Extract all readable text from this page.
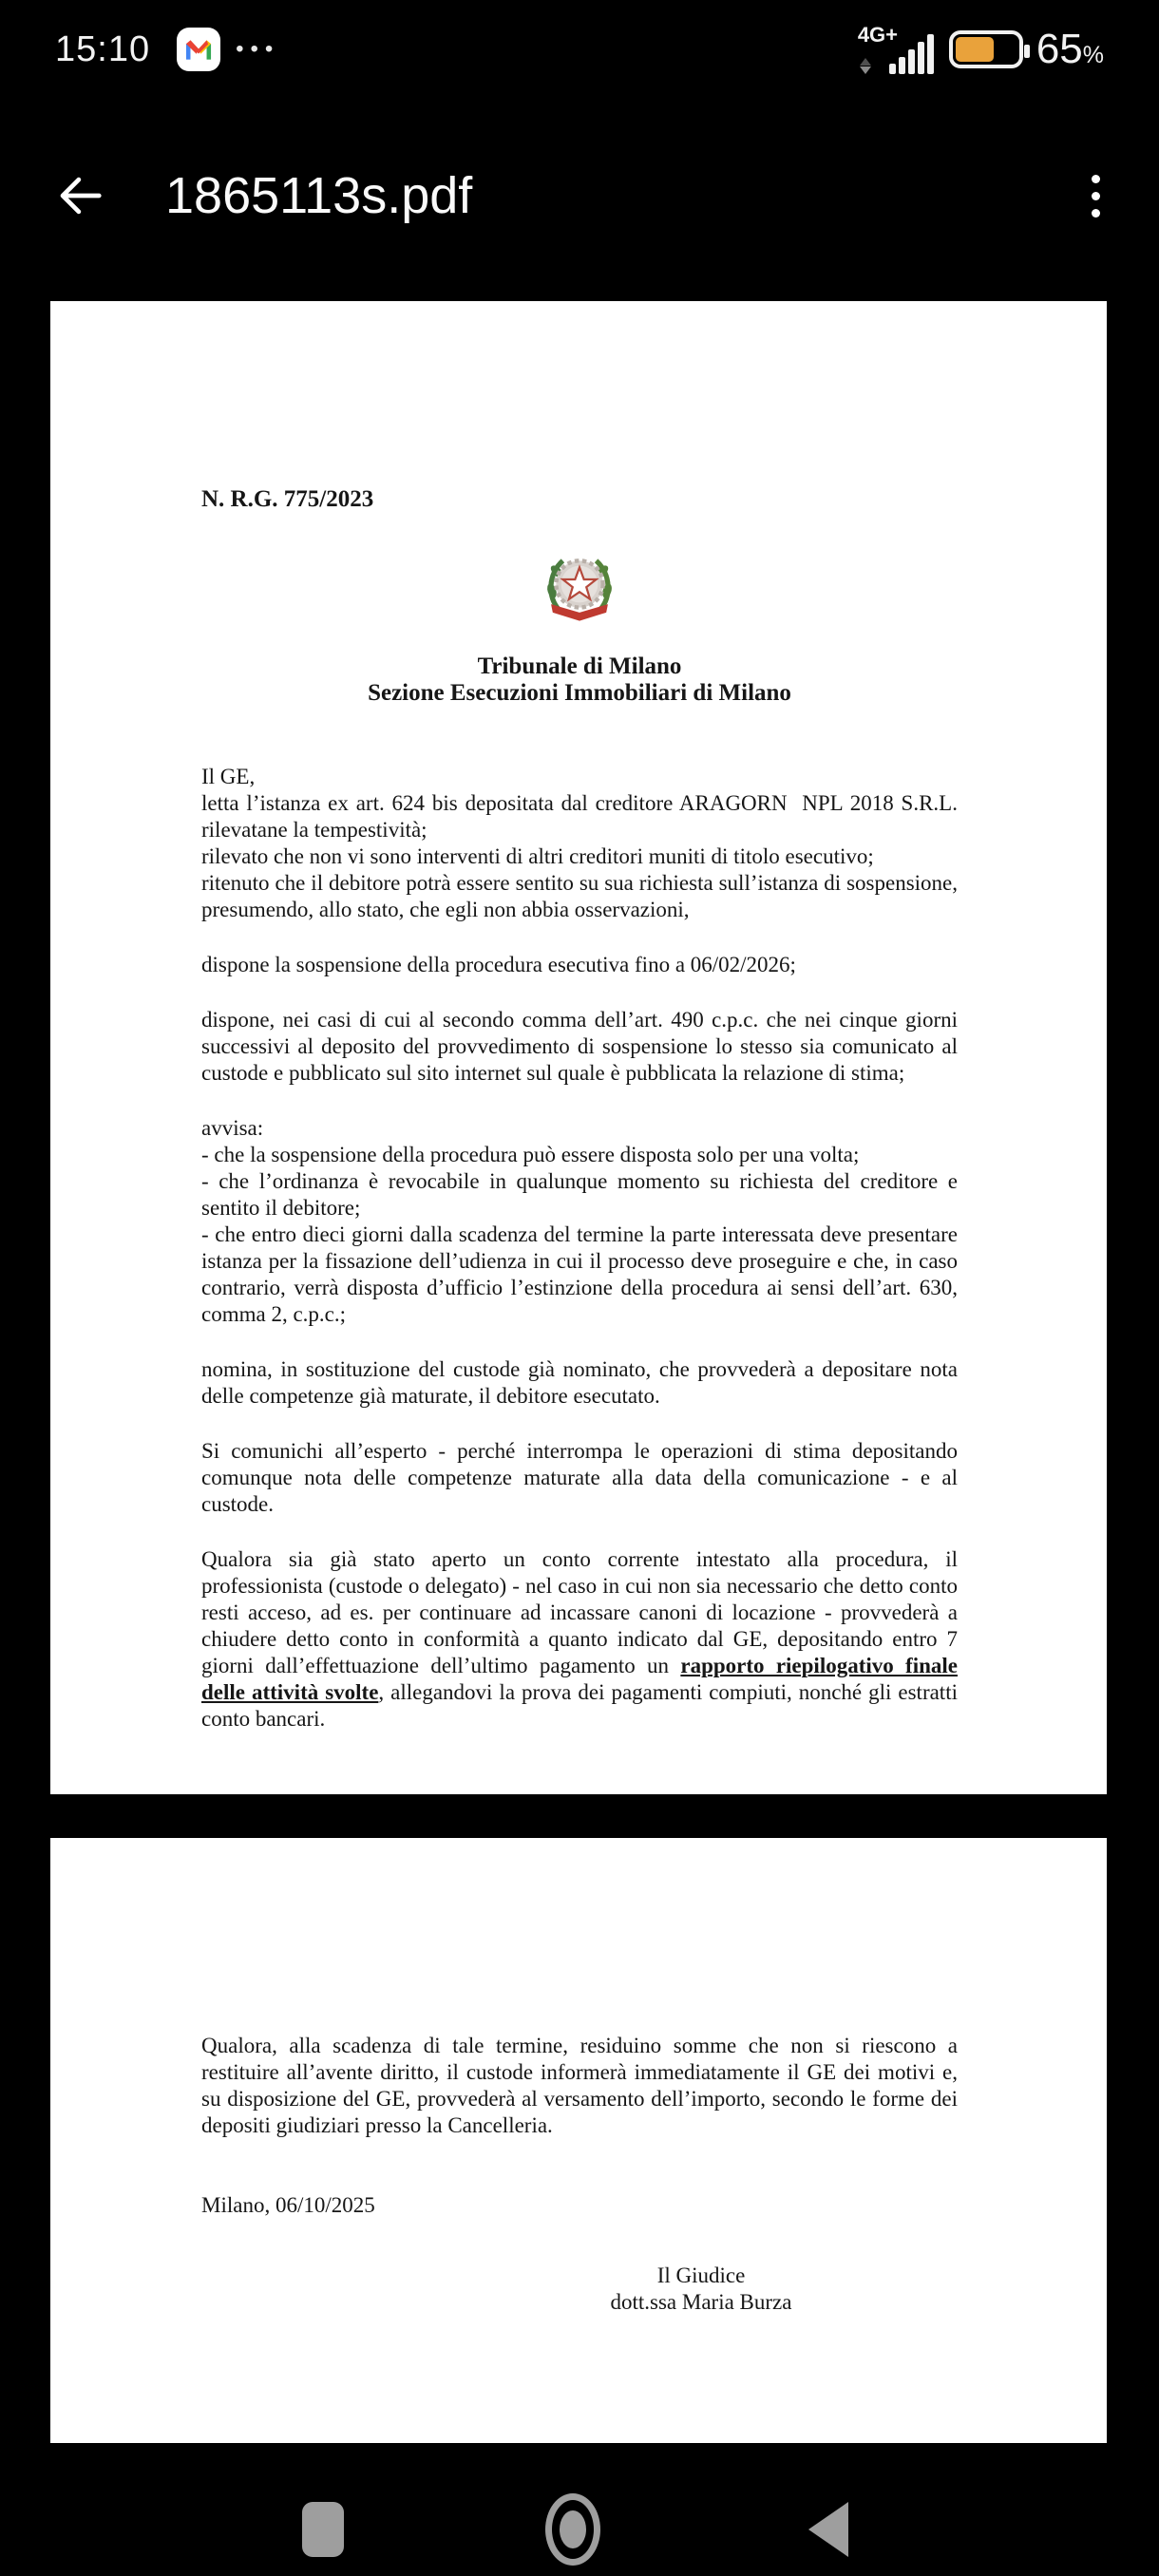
15:10	•••
4G+	65%
1865113s.pdf
N. R.G. 775/2023
Tribunale di Milano
Sezione Esecuzioni Immobiliari di Milano

Il GE,

letta l’istanza ex art. 624 bis depositata dal creditore ARAGORN  NPL 2018 S.R.L. rilevatane la tempestività;

rilevato che non vi sono interventi di altri creditori muniti di titolo esecutivo;

ritenuto che il debitore potrà essere sentito su sua richiesta sull’istanza di sospensione, presumendo, allo stato, che egli non abbia osservazioni,

dispone la sospensione della procedura esecutiva fino a 06/02/2026;

dispone, nei casi di cui al secondo comma dell’art. 490 c.p.c. che nei cinque giorni successivi al deposito del provvedimento di sospensione lo stesso sia comunicato al custode e pubblicato sul sito internet sul quale è pubblicata la relazione di stima;

avvisa:

- che la sospensione della procedura può essere disposta solo per una volta;

- che l’ordinanza è revocabile in qualunque momento su richiesta del creditore e sentito il debitore;

- che entro dieci giorni dalla scadenza del termine la parte interessata deve presentare istanza per la fissazione dell’udienza in cui il processo deve proseguire e che, in caso contrario, verrà disposta d’ufficio l’estinzione della procedura ai sensi dell’art. 630, comma 2, c.p.c.;

nomina, in sostituzione del custode già nominato, che provvederà a depositare nota delle competenze già maturate, il debitore esecutato.

Si comunichi all’esperto - perché interrompa le operazioni di stima depositando comunque nota delle competenze maturate alla data della comunicazione - e al custode.

Qualora sia già stato aperto un conto corrente intestato alla procedura, il professionista (custode o delegato) - nel caso in cui non sia necessario che detto conto resti acceso, ad es. per continuare ad incassare canoni di locazione - provvederà a chiudere detto conto in conformità a quanto indicato dal GE, depositando entro 7 giorni dall’effettuazione dell’ultimo pagamento un rapporto riepilogativo finale delle attività svolte, allegandovi la prova dei pagamenti compiuti, nonché gli estratti conto bancari.

Qualora, alla scadenza di tale termine, residuino somme che non si riescono a restituire all’avente diritto, il custode informerà immediatamente il GE dei motivi e, su disposizione del GE, provvederà al versamento dell’importo, secondo le forme dei depositi giudiziari presso la Cancelleria.

Milano, 06/10/2025
Il Giudice
dott.ssa Maria Burza
